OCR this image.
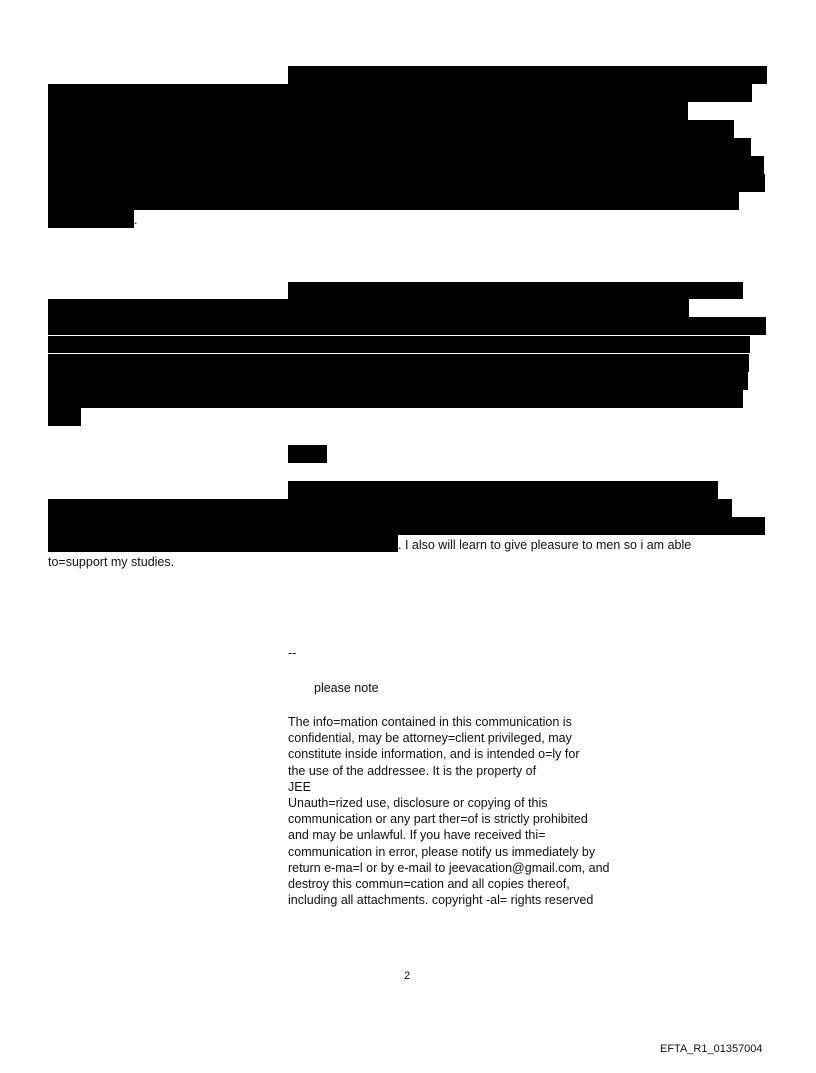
.
. I also will learn to give pleasure to men so i am able
to=support my studies.
--
please note
The info=mation contained in this communication is
confidential, may be attorney=client privileged, may
constitute inside information, and is intended o=ly for
the use of the addressee. It is the property of
JEE
Unauth=rized use, disclosure or copying of this
communication or any part ther=of is strictly prohibited
and may be unlawful. If you have received thi=
communication in error, please notify us immediately by
return e-ma=l or by e-mail to jeevacation@gmail.com, and
destroy this commun=cation and all copies thereof,
including all attachments. copyright -al= rights reserved
2
EFTA_R1_01357004
